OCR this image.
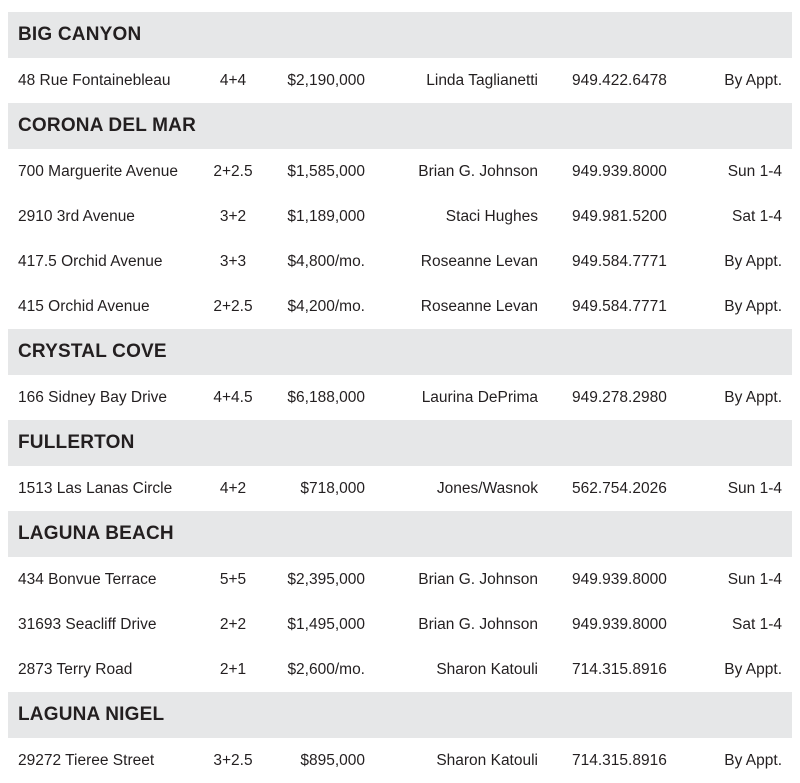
BIG CANYON
48 Rue Fontainebleau	4+4	$2,190,000	Linda Taglianetti 949.422.6478	By Appt.
CORONA DEL MAR
700 Marguerite Avenue	2+2.5	$1,585,000	Brian G. Johnson 949.939.8000	Sun 1-4
2910 3rd Avenue	3+2	$1,189,000	Staci Hughes 949.981.5200	Sat 1-4
417.5 Orchid Avenue	3+3	$4,800/mo.	Roseanne Levan 949.584.7771	By Appt.
415 Orchid Avenue	2+2.5	$4,200/mo.	Roseanne Levan 949.584.7771	By Appt.
CRYSTAL COVE
166 Sidney Bay Drive	4+4.5	$6,188,000	Laurina DePrima 949.278.2980	By Appt.
FULLERTON
1513 Las Lanas Circle	4+2	$718,000	Jones/Wasnok 562.754.2026	Sun 1-4
LAGUNA BEACH
434 Bonvue Terrace	5+5	$2,395,000	Brian G. Johnson 949.939.8000	Sun 1-4
31693 Seacliff Drive	2+2	$1,495,000	Brian G. Johnson 949.939.8000	Sat 1-4
2873 Terry Road	2+1	$2,600/mo.	Sharon Katouli 714.315.8916	By Appt.
LAGUNA NIGEL
29272 Tieree Street	3+2.5	$895,000	Sharon Katouli 714.315.8916	By Appt.
